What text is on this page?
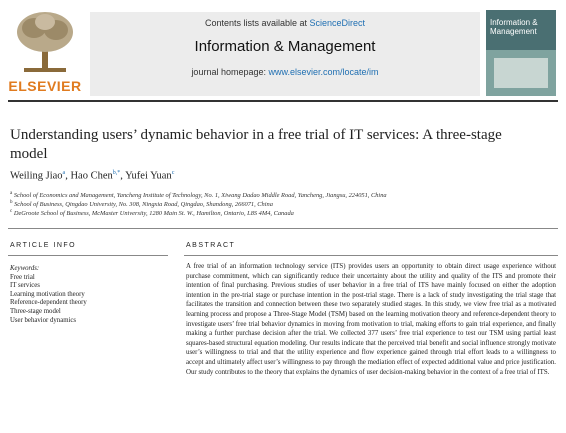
ELSEVIER
Contents lists available at ScienceDirect
Information & Management
journal homepage: www.elsevier.com/locate/im
Information & Management
Understanding users’ dynamic behavior in a free trial of IT services: A three-stage model
Weiling Jiao$^a$, Hao Chen$^{b,*}$, Yufei Yuan$^c$
$^a$ School of Economics and Management, Yancheng Institute of Technology, No. 1, Xiwang Dadao Middle Road, Yancheng, Jiangsu, 224051, China
$^b$ School of Business, Qingdao University, No. 308, Ningxia Road, Qingdao, Shandong, 266071, China
$^c$ DeGroote School of Business, McMaster University, 1280 Main St. W., Hamilton, Ontario, L8S 4M4, Canada
ARTICLE INFO
Keywords:
Free trial
IT services
Learning motivation theory
Reference-dependent theory
Three-stage model
User behavior dynamics
ABSTRACT
A free trial of an information technology service (ITS) provides users an opportunity to obtain direct usage experience without purchase commitment, which can significantly reduce their uncertainty about the utility and quality of the ITS and promote their intention of final purchasing. Previous studies of user behavior in a free trial of ITS have mainly focused on either the adoption intention in the pre-trial stage or purchase intention in the post-trial stage. There is a lack of study investigating the trial stage that facilitates the transition and connection between these two separately studied stages. In this study, we view free trial as a motivated learning process and propose a Three-Stage Model (TSM) based on the learning motivation theory and reference-dependent theory to investigate users’ free trial behavior dynamics in moving from motivation to trial, making efforts to gain trial experience, and finally making a further purchase decision after the trial. We collected 377 users’ free trial experience to test our TSM using partial least squares-based structural equation modeling. Our results indicate that the perceived trial benefit and social influence strongly motivate user’s willingness to trial and that the utility experience and flow experience gained through trial effort leads to a willingness to accept and ultimately affect user’s willingness to pay through the mediation effect of expected additional value and price justification. Our study contributes to the theory that explains the dynamics of user decision-making behavior in the context of a free trial of ITS.
